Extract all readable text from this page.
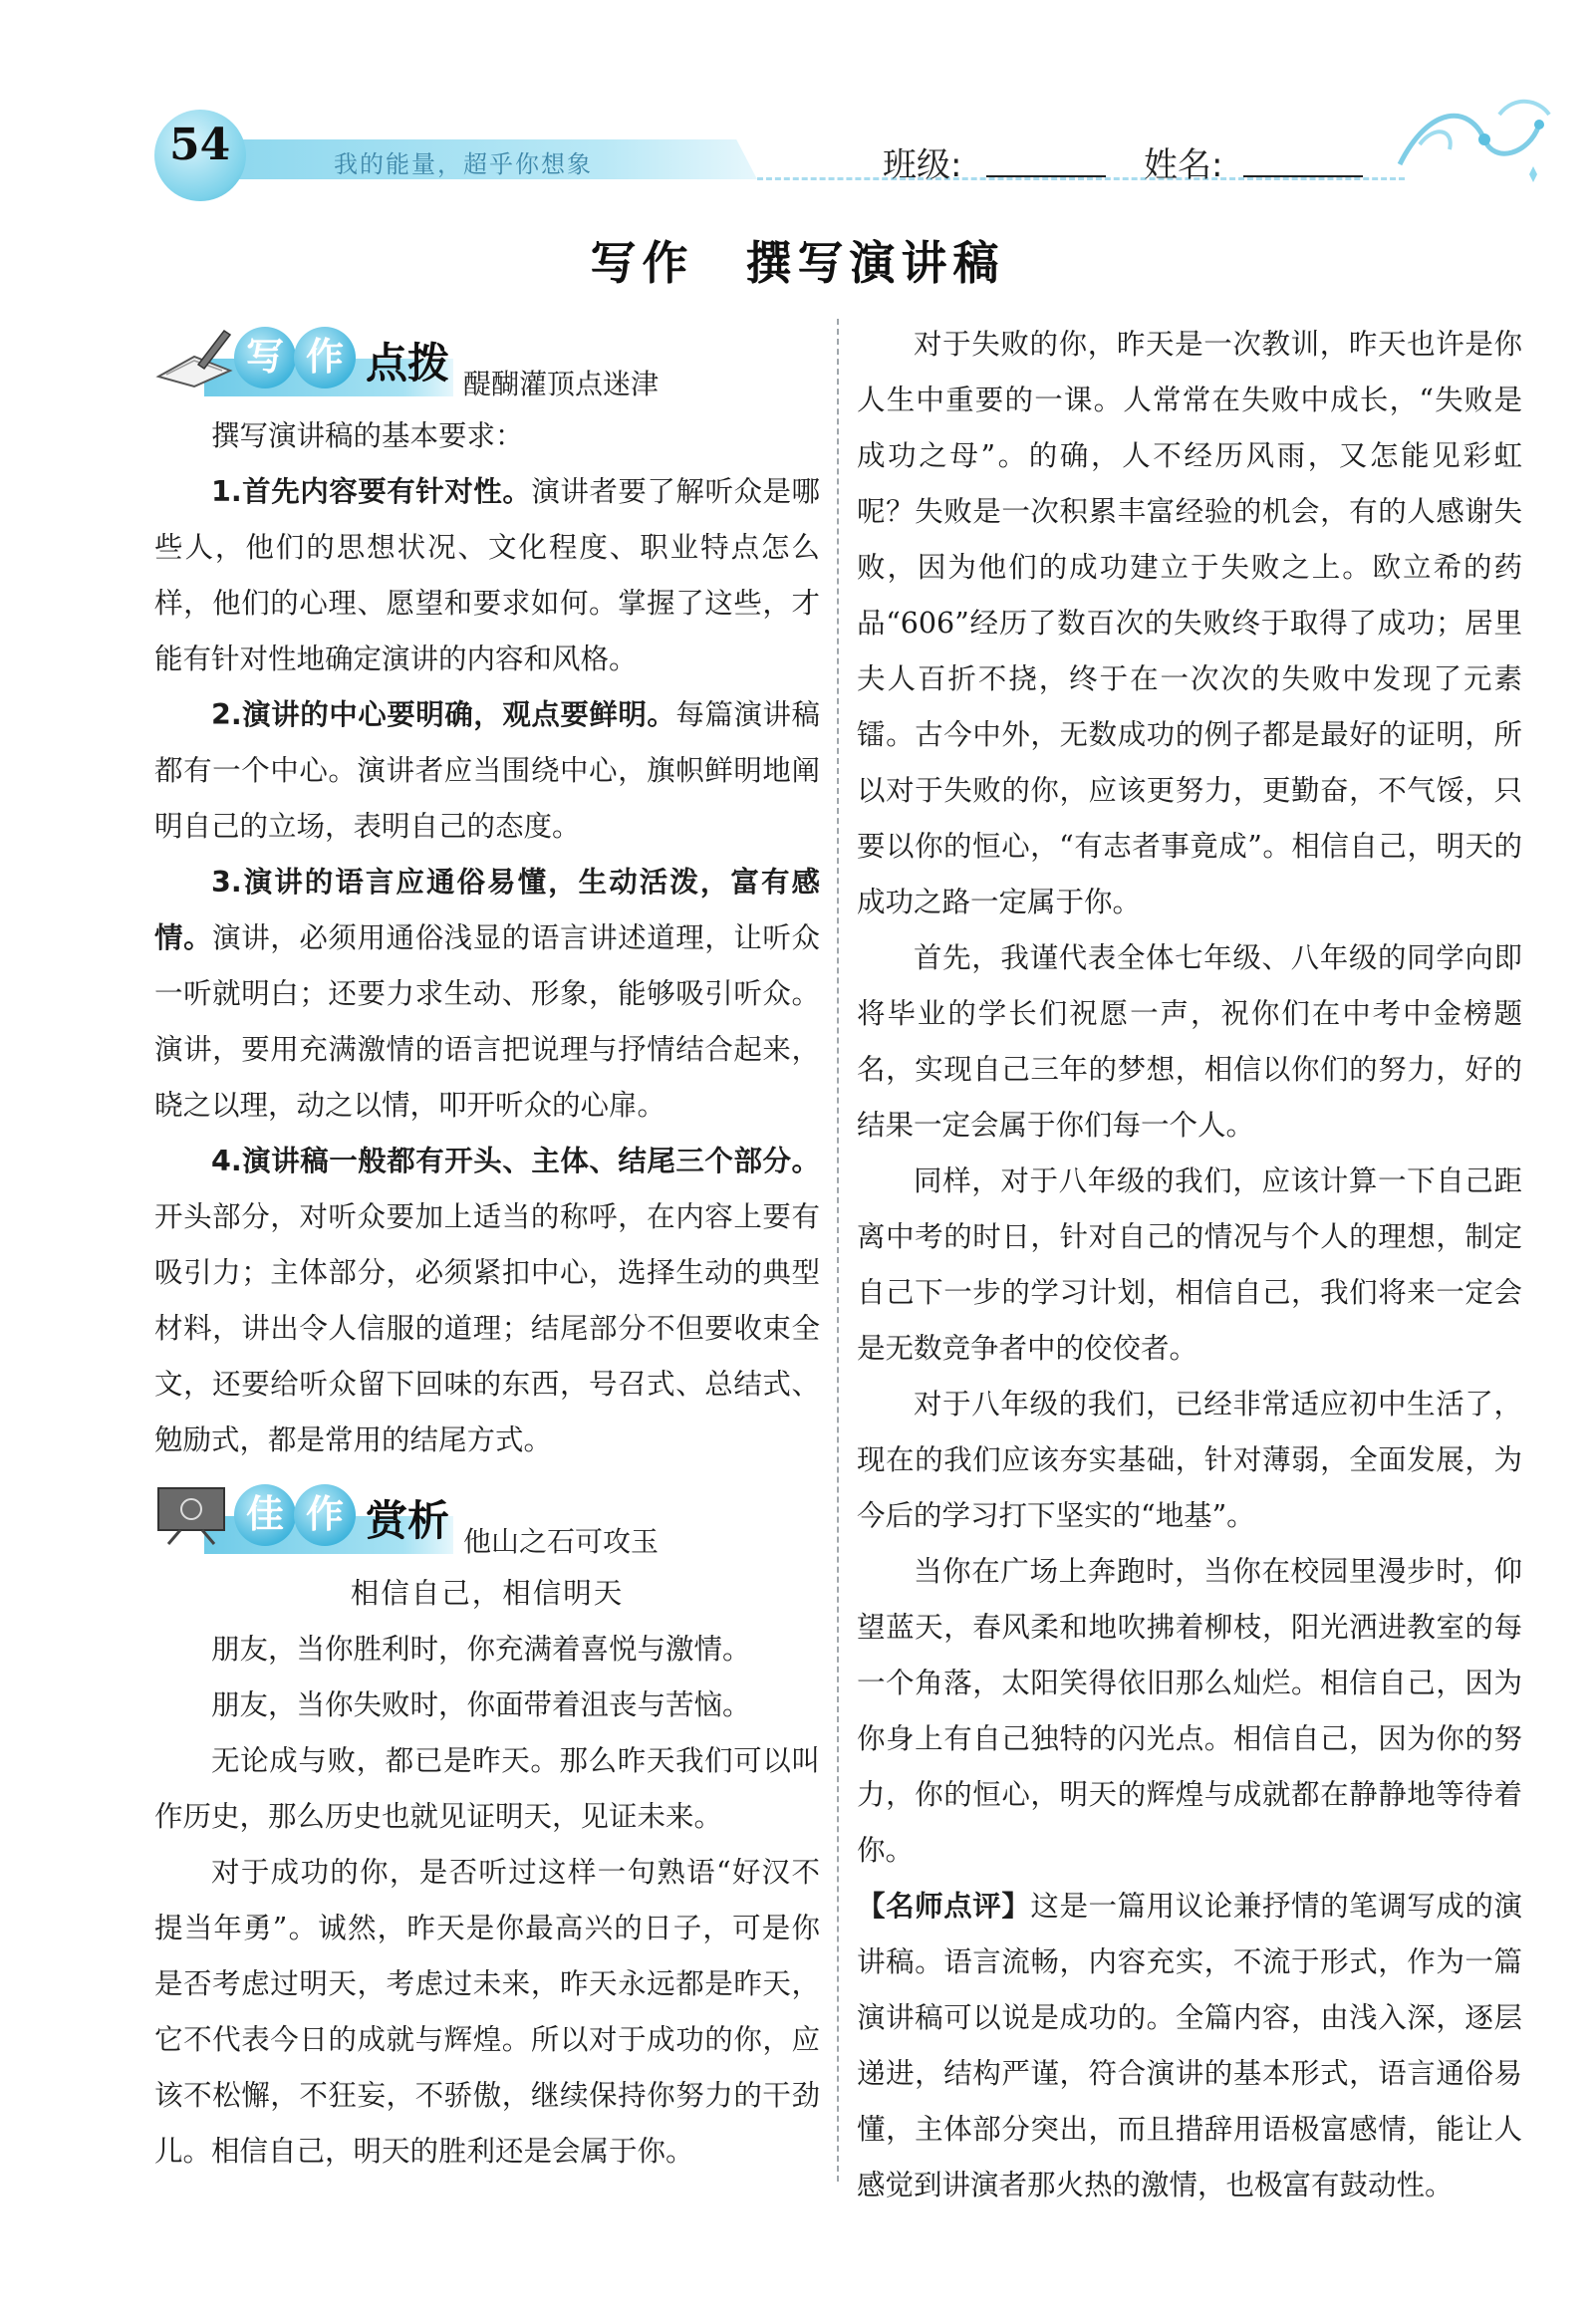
54	我的能量，超乎你想象	班级:	姓名:
写作　撰写演讲稿
写 作 点拨 醍醐灌顶点迷津

撰写演讲稿的基本要求：

1.首先内容要有针对性。演讲者要了解听众是哪些人，他们的思想状况、文化程度、职业特点怎么样，他们的心理、愿望和要求如何。掌握了这些，才能有针对性地确定演讲的内容和风格。

2.演讲的中心要明确，观点要鲜明。每篇演讲稿都有一个中心。演讲者应当围绕中心，旗帜鲜明地阐明自己的立场，表明自己的态度。

3.演讲的语言应通俗易懂，生动活泼，富有感情。演讲，必须用通俗浅显的语言讲述道理，让听众一听就明白；还要力求生动、形象，能够吸引听众。演讲，要用充满激情的语言把说理与抒情结合起来，晓之以理，动之以情，叩开听众的心扉。

4.演讲稿一般都有开头、主体、结尾三个部分。开头部分，对听众要加上适当的称呼，在内容上要有吸引力；主体部分，必须紧扣中心，选择生动的典型材料，讲出令人信服的道理；结尾部分不但要收束全文，还要给听众留下回味的东西，号召式、总结式、勉励式，都是常用的结尾方式。

佳 作 赏析 他山之石可攻玉
相信自己，相信明天

朋友，当你胜利时，你充满着喜悦与激情。

朋友，当你失败时，你面带着沮丧与苦恼。

无论成与败，都已是昨天。那么昨天我们可以叫作历史，那么历史也就见证明天，见证未来。

对于成功的你，是否听过这样一句熟语“好汉不提当年勇”。诚然，昨天是你最高兴的日子，可是你是否考虑过明天，考虑过未来，昨天永远都是昨天，它不代表今日的成就与辉煌。所以对于成功的你，应该不松懈，不狂妄，不骄傲，继续保持你努力的干劲儿。相信自己，明天的胜利还是会属于你。

对于失败的你，昨天是一次教训，昨天也许是你人生中重要的一课。人常常在失败中成长，“失败是成功之母”。的确，人不经历风雨，又怎能见彩虹呢？失败是一次积累丰富经验的机会，有的人感谢失败，因为他们的成功建立于失败之上。欧立希的药品“606”经历了数百次的失败终于取得了成功；居里夫人百折不挠，终于在一次次的失败中发现了元素镭。古今中外，无数成功的例子都是最好的证明，所以对于失败的你，应该更努力，更勤奋，不气馁，只要以你的恒心，“有志者事竟成”。相信自己，明天的成功之路一定属于你。

首先，我谨代表全体七年级、八年级的同学向即将毕业的学长们祝愿一声，祝你们在中考中金榜题名，实现自己三年的梦想，相信以你们的努力，好的结果一定会属于你们每一个人。

同样，对于八年级的我们，应该计算一下自己距离中考的时日，针对自己的情况与个人的理想，制定自己下一步的学习计划，相信自己，我们将来一定会是无数竞争者中的佼佼者。

对于八年级的我们，已经非常适应初中生活了，现在的我们应该夯实基础，针对薄弱，全面发展，为今后的学习打下坚实的“地基”。

当你在广场上奔跑时，当你在校园里漫步时，仰望蓝天，春风柔和地吹拂着柳枝，阳光洒进教室的每一个角落，太阳笑得依旧那么灿烂。相信自己，因为你身上有自己独特的闪光点。相信自己，因为你的努力，你的恒心，明天的辉煌与成就都在静静地等待着你。

【名师点评】这是一篇用议论兼抒情的笔调写成的演讲稿。语言流畅，内容充实，不流于形式，作为一篇演讲稿可以说是成功的。全篇内容，由浅入深，逐层递进，结构严谨，符合演讲的基本形式，语言通俗易懂，主体部分突出，而且措辞用语极富感情，能让人感觉到讲演者那火热的激情，也极富有鼓动性。
